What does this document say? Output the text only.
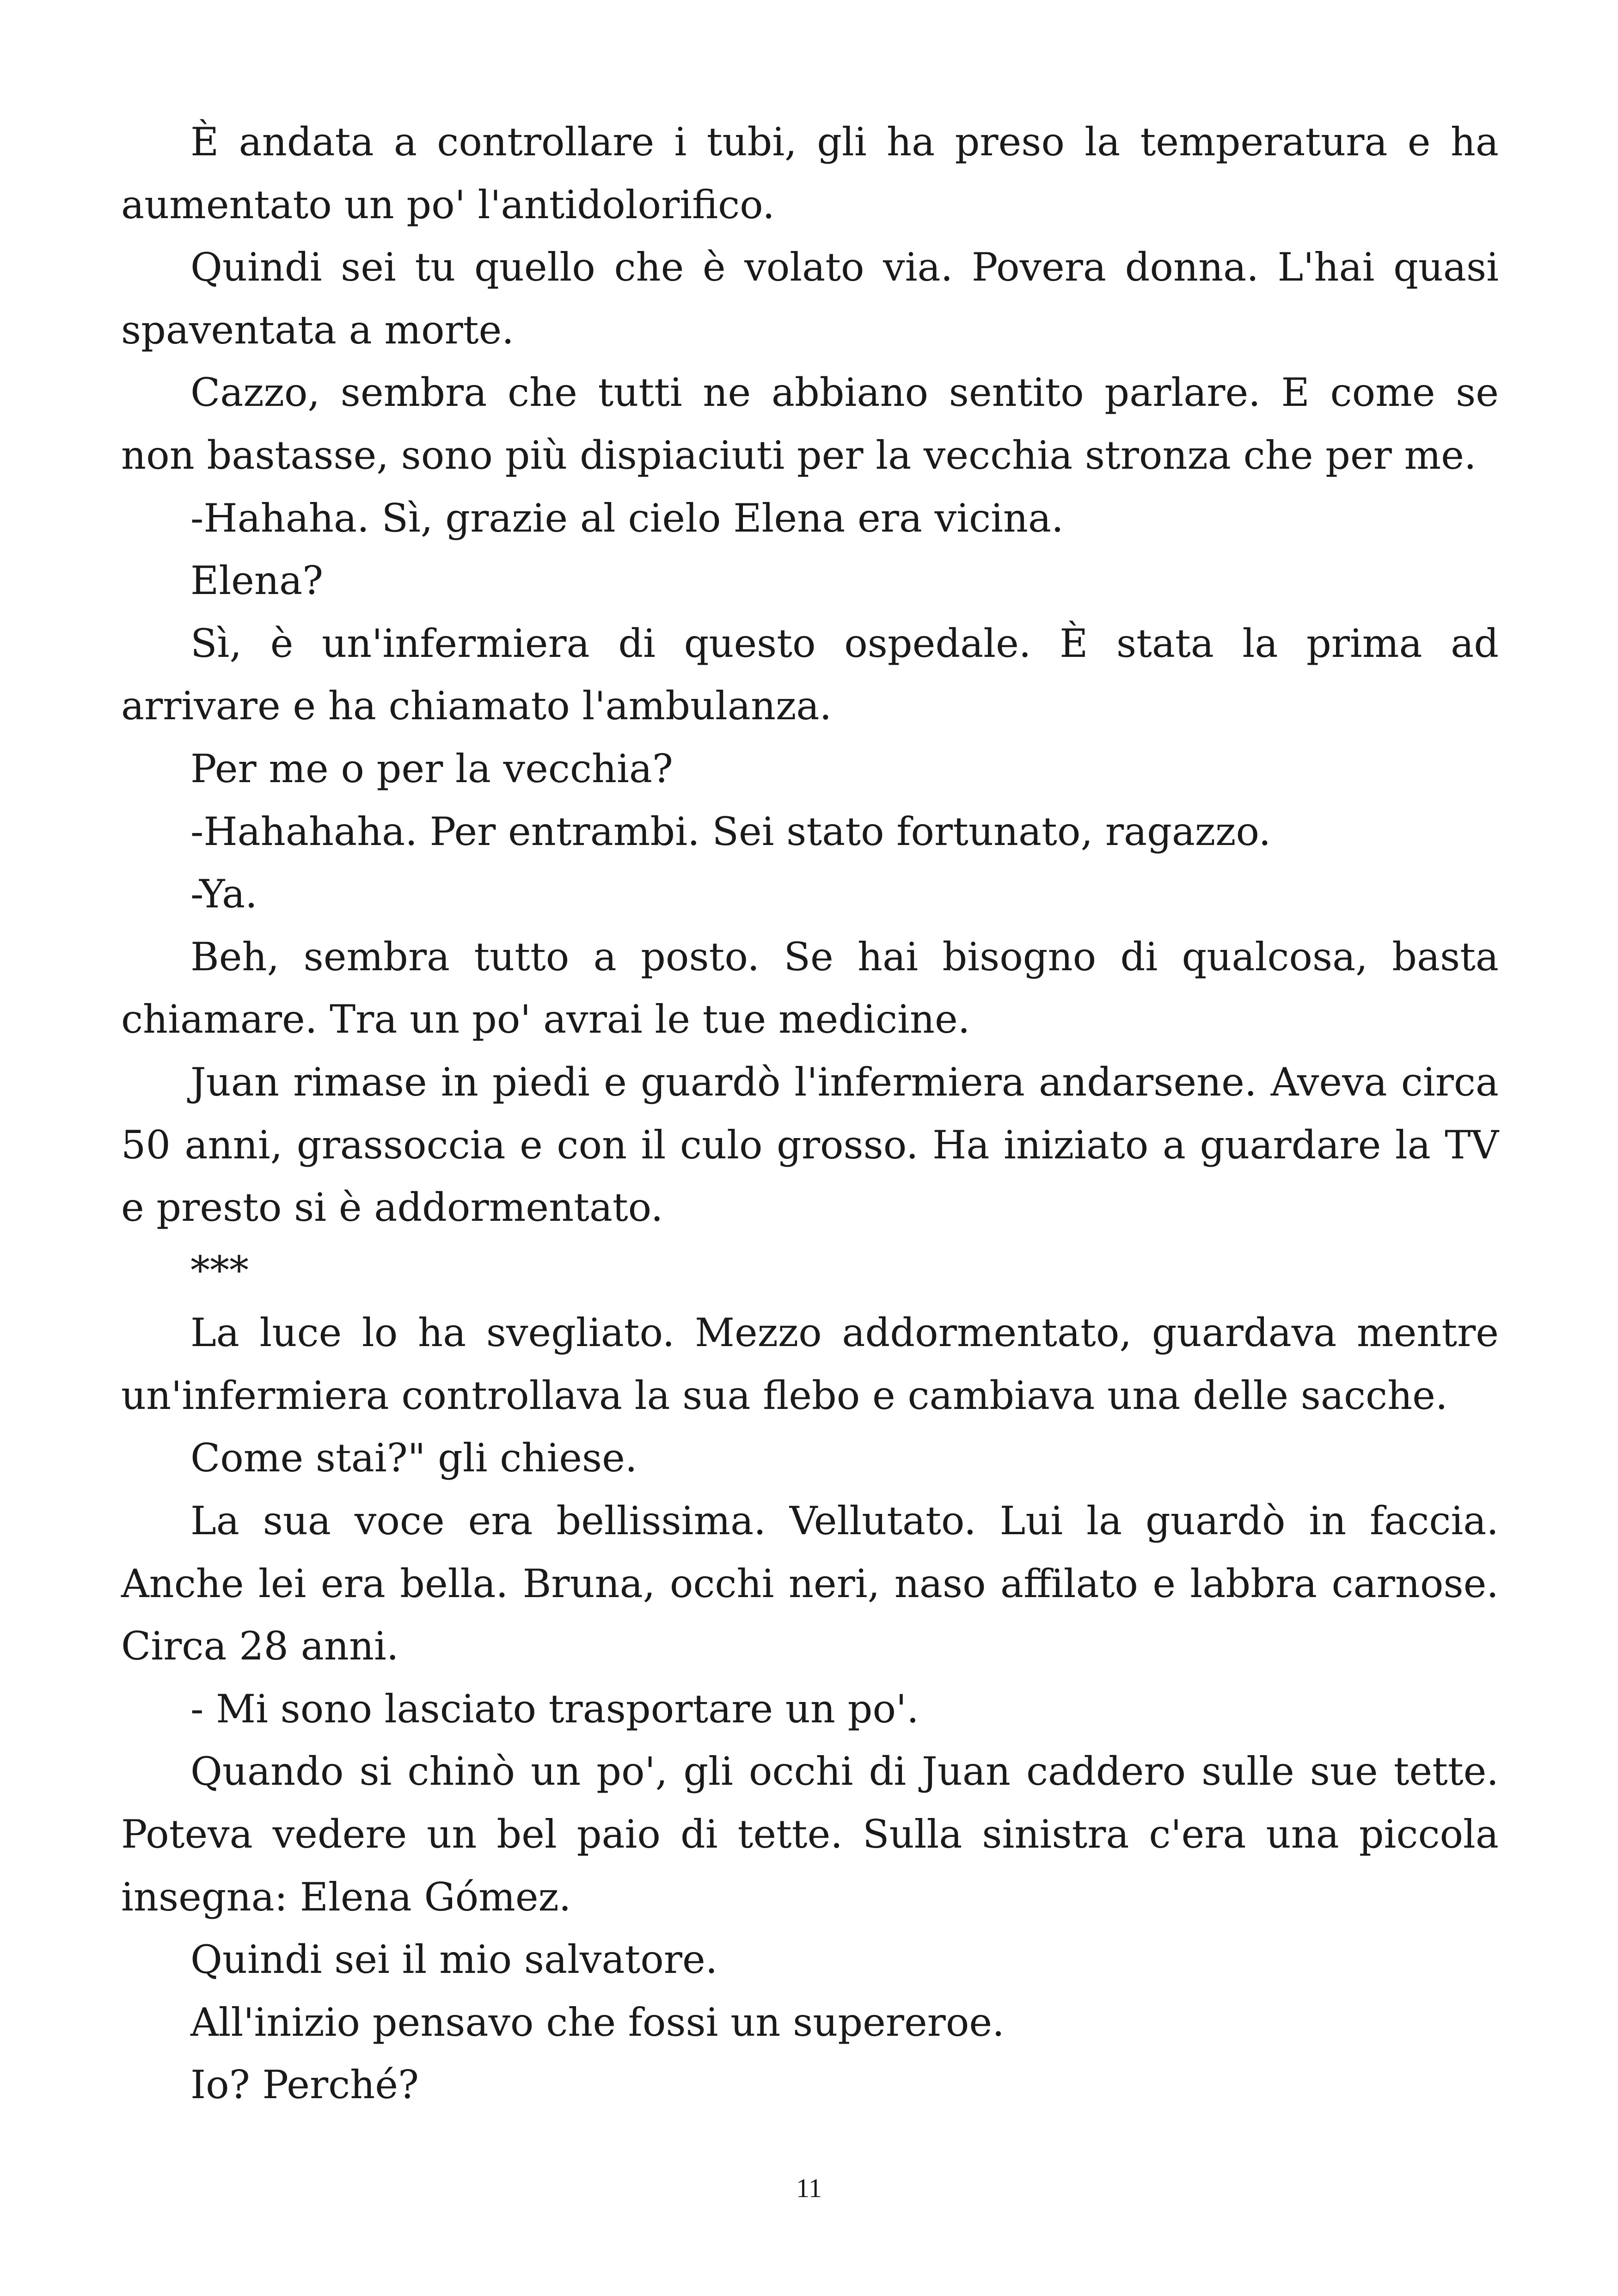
È andata a controllare i tubi, gli ha preso la temperatura e ha aumentato un po' l'antidolorifico.

Quindi sei tu quello che è volato via. Povera donna. L'hai quasi spaventata a morte.

Cazzo, sembra che tutti ne abbiano sentito parlare. E come se non bastasse, sono più dispiaciuti per la vecchia stronza che per me.

-Hahaha. Sì, grazie al cielo Elena era vicina.

Elena?

Sì, è un'infermiera di questo ospedale. È stata la prima ad arrivare e ha chiamato l'ambulanza.

Per me o per la vecchia?

-Hahahaha. Per entrambi. Sei stato fortunato, ragazzo.

-Ya.

Beh, sembra tutto a posto. Se hai bisogno di qualcosa, basta chiamare. Tra un po' avrai le tue medicine.

Juan rimase in piedi e guardò l'infermiera andarsene. Aveva circa 50 anni, grassoccia e con il culo grosso. Ha iniziato a guardare la TV e presto si è addormentato.

***

La luce lo ha svegliato. Mezzo addormentato, guardava mentre un'infermiera controllava la sua flebo e cambiava una delle sacche.

Come stai?" gli chiese.

La sua voce era bellissima. Vellutato. Lui la guardò in faccia. Anche lei era bella. Bruna, occhi neri, naso affilato e labbra carnose. Circa 28 anni.

- Mi sono lasciato trasportare un po'.

Quando si chinò un po', gli occhi di Juan caddero sulle sue tette. Poteva vedere un bel paio di tette. Sulla sinistra c'era una piccola insegna: Elena Gómez.

Quindi sei il mio salvatore.

All'inizio pensavo che fossi un supereroe.

Io? Perché?

11
